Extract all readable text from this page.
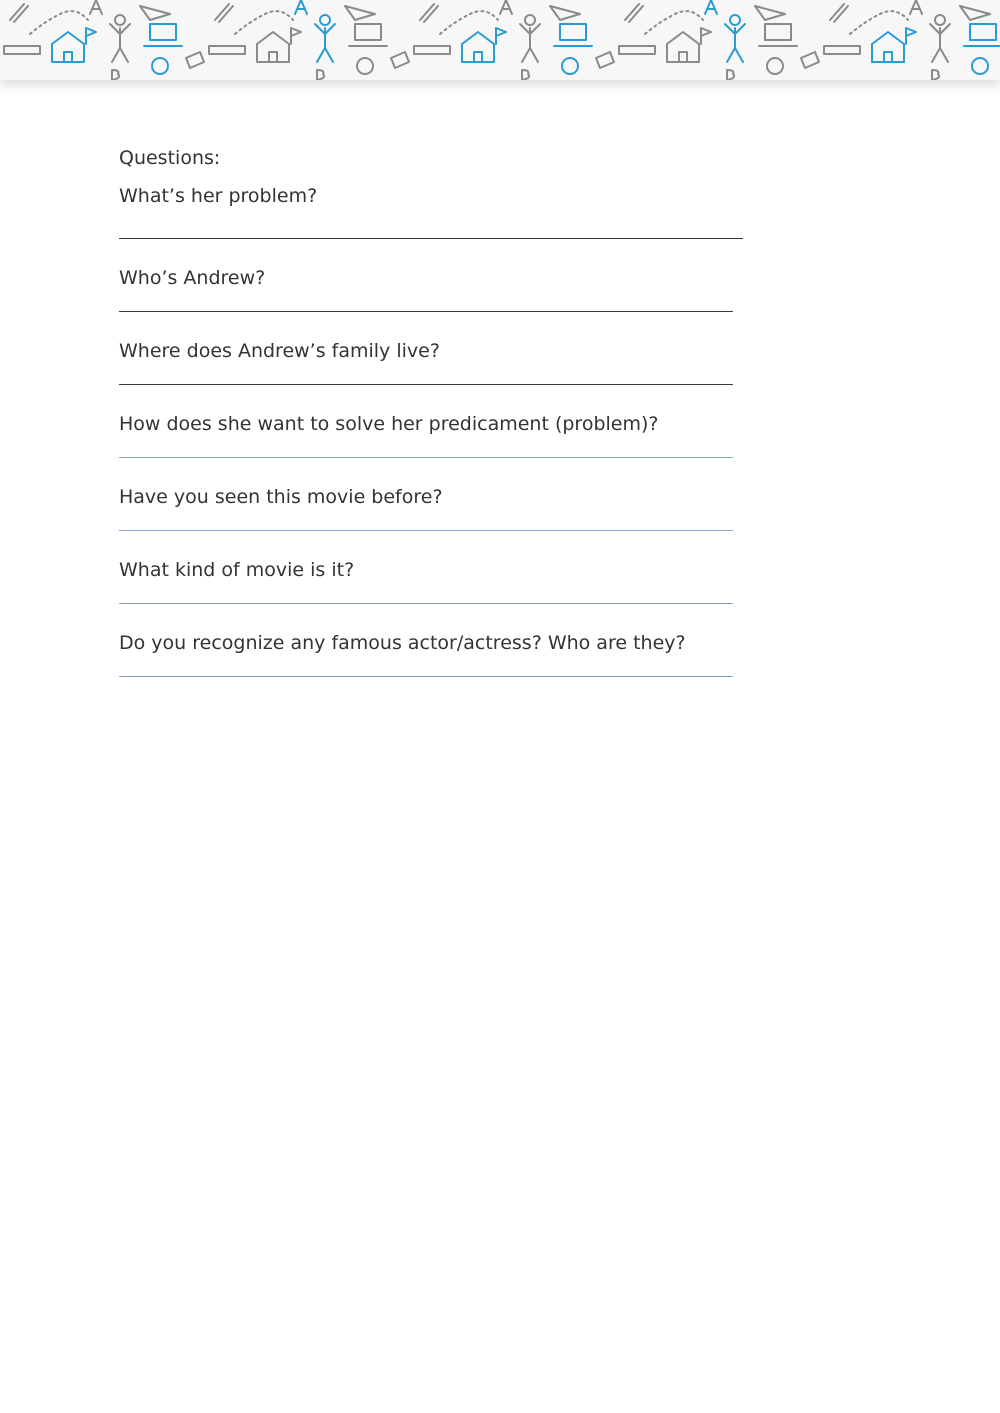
Questions:

What’s her problem?

Who’s Andrew?

Where does Andrew’s family live?

How does she want to solve her predicament (problem)?

Have you seen this movie before?

What kind of movie is it?

Do you recognize any famous actor/actress? Who are they?
